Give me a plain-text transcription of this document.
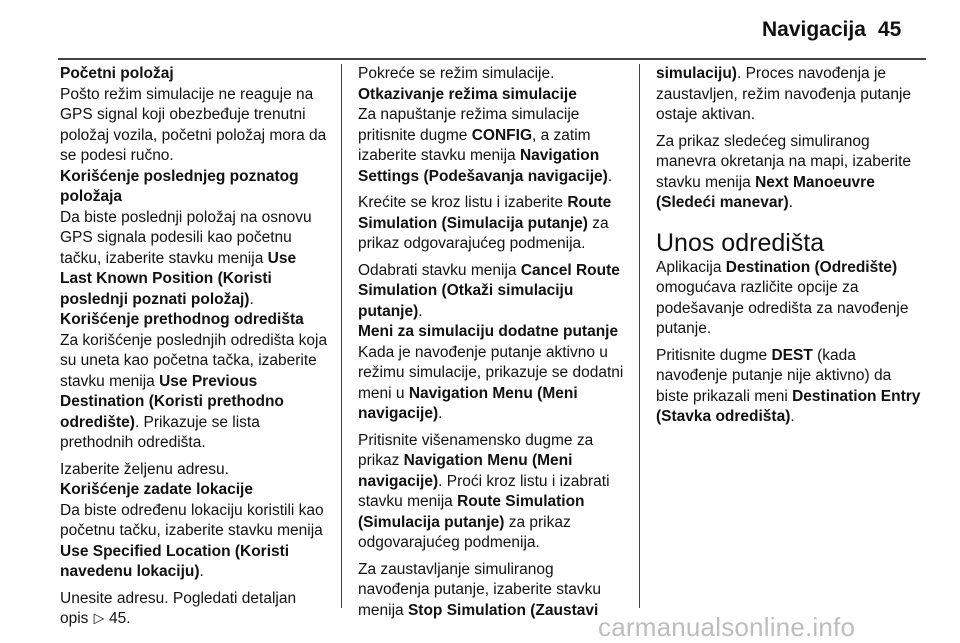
Navigacija 45

Početni položaj

Pošto režim simulacije ne reaguje na GPS signal koji obezbeđuje trenutni položaj vozila, početni položaj mora da se podesi ručno.

Korišćenje poslednjeg poznatog
položaja

Da biste poslednji položaj na osnovu GPS signala podesili kao početnu tačku, izaberite stavku menija Use Last Known Position (Koristi poslednji poznati položaj).

Korišćenje prethodnog odredišta

Za korišćenje poslednjih odredišta koja su uneta kao početna tačka, izaberite stavku menija Use Previous Destination (Koristi prethodno odredište). Prikazuje se lista prethodnih odredišta.

Izaberite željenu adresu.

Korišćenje zadate lokacije

Da biste određenu lokaciju koristili kao početnu tačku, izaberite stavku menija Use Specified Location (Koristi navedenu lokaciju).

Unesite adresu. Pogledati detaljan opis ▷ 45.

Pokreće se režim simulacije.

Otkazivanje režima simulacije

Za napuštanje režima simulacije pritisnite dugme CONFIG, a zatim izaberite stavku menija Navigation Settings (Podešavanja navigacije).

Krećite se kroz listu i izaberite Route Simulation (Simulacija putanje) za prikaz odgovarajućeg podmenija.

Odabrati stavku menija Cancel Route Simulation (Otkaži simulaciju putanje).

Meni za simulaciju dodatne putanje

Kada je navođenje putanje aktivno u režimu simulacije, prikazuje se dodatni meni u Navigation Menu (Meni navigacije).

Pritisnite višenamensko dugme za prikaz Navigation Menu (Meni navigacije). Proći kroz listu i izabrati stavku menija Route Simulation (Simulacija putanje) za prikaz odgovarajućeg podmenija.

Za zaustavljanje simuliranog navođenja putanje, izaberite stavku menija Stop Simulation (Zaustavi

simulaciju). Proces navođenja je zaustavljen, režim navođenja putanje ostaje aktivan.

Za prikaz sledećeg simuliranog manevra okretanja na mapi, izaberite stavku menija Next Manoeuvre (Sledeći manevar).

Unos odredišta

Aplikacija Destination (Odredište) omogućava različite opcije za podešavanje odredišta za navođenje putanje.

Pritisnite dugme DEST (kada navođenje putanje nije aktivno) da biste prikazali meni Destination Entry (Stavka odredišta).

carmanualsonline.info
